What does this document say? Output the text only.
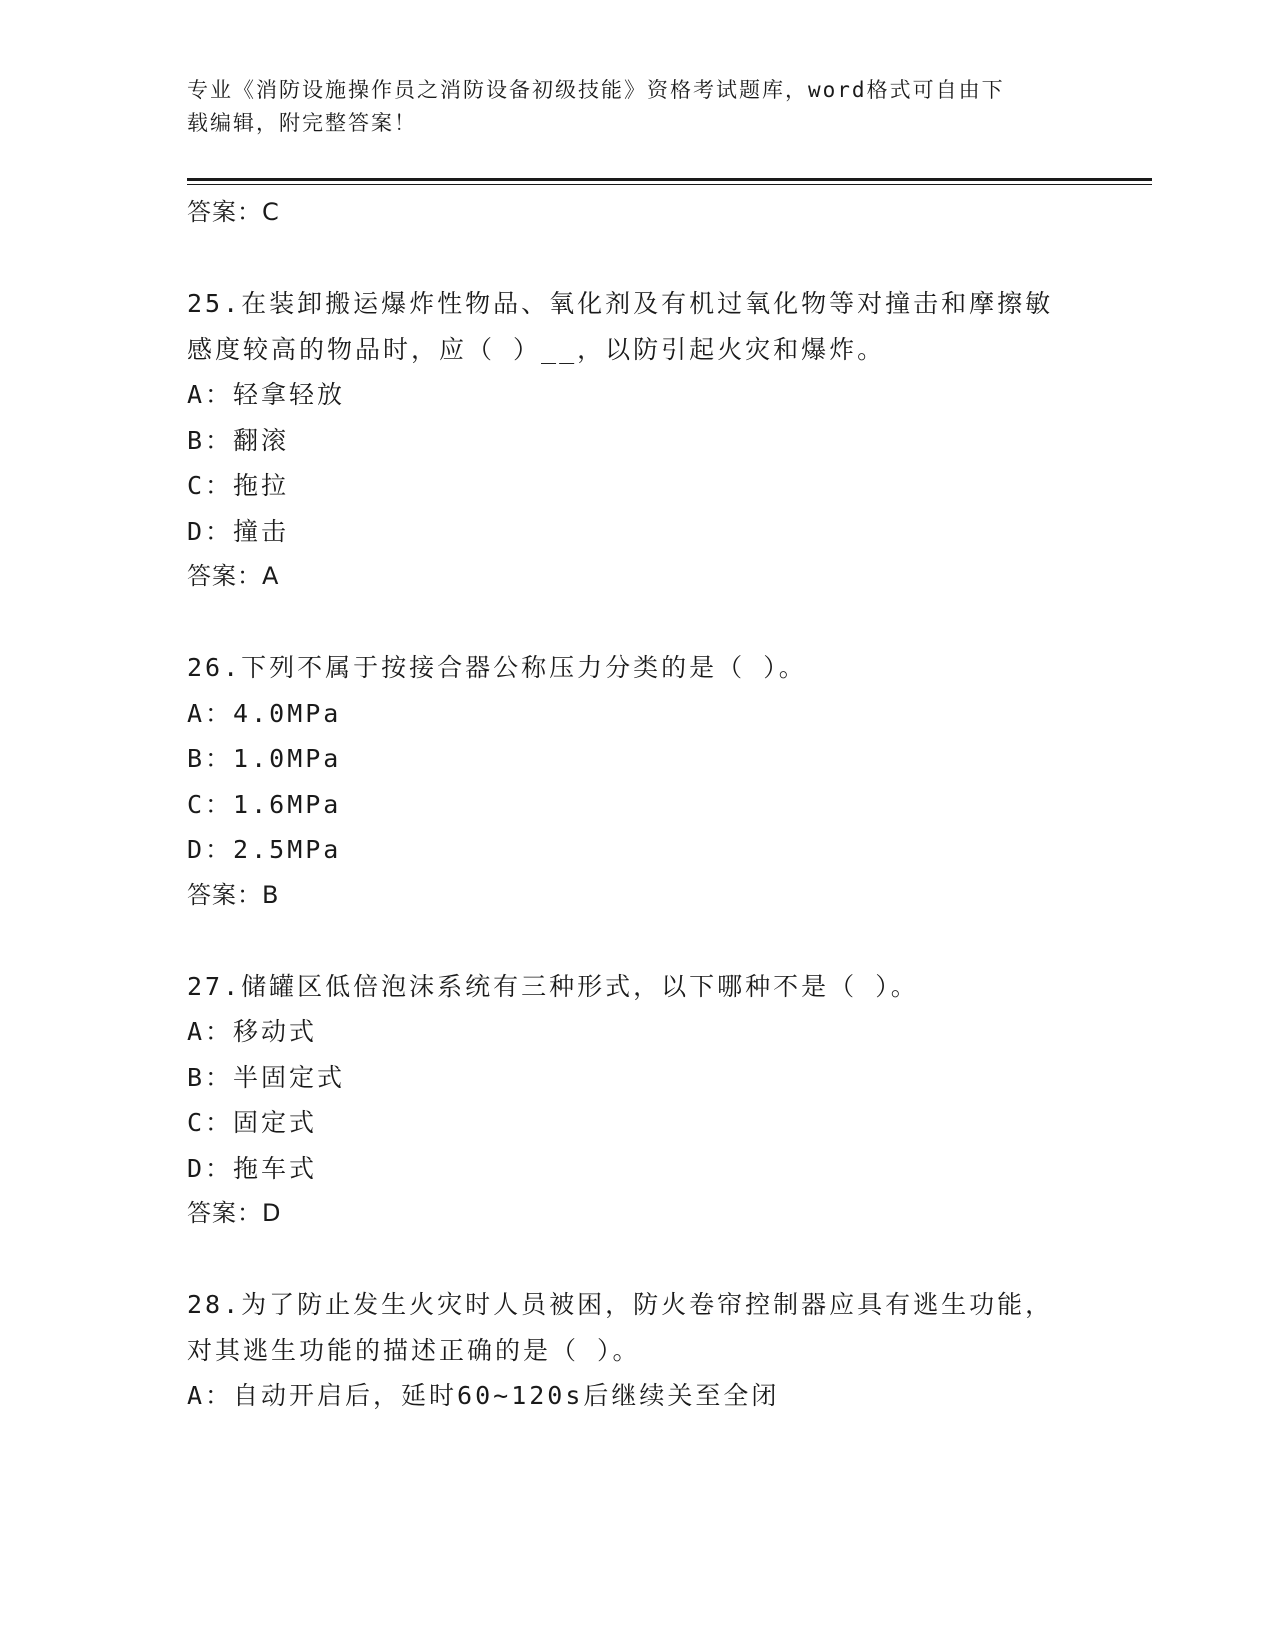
专业《消防设施操作员之消防设备初级技能》资格考试题库，word格式可自由下
载编辑，附完整答案！
答案：C
25.在装卸搬运爆炸性物品、氧化剂及有机过氧化物等对撞击和摩擦敏
感度较高的物品时，应（ ）__，以防引起火灾和爆炸。
A：轻拿轻放
B：翻滚
C：拖拉
D：撞击
答案：A
26.下列不属于按接合器公称压力分类的是（ ）。
A：4.0MPa
B：1.0MPa
C：1.6MPa
D：2.5MPa
答案：B
27.储罐区低倍泡沫系统有三种形式，以下哪种不是（ ）。
A：移动式
B：半固定式
C：固定式
D：拖车式
答案：D
28.为了防止发生火灾时人员被困，防火卷帘控制器应具有逃生功能，
对其逃生功能的描述正确的是（ ）。
A：自动开启后，延时60~120s后继续关至全闭
